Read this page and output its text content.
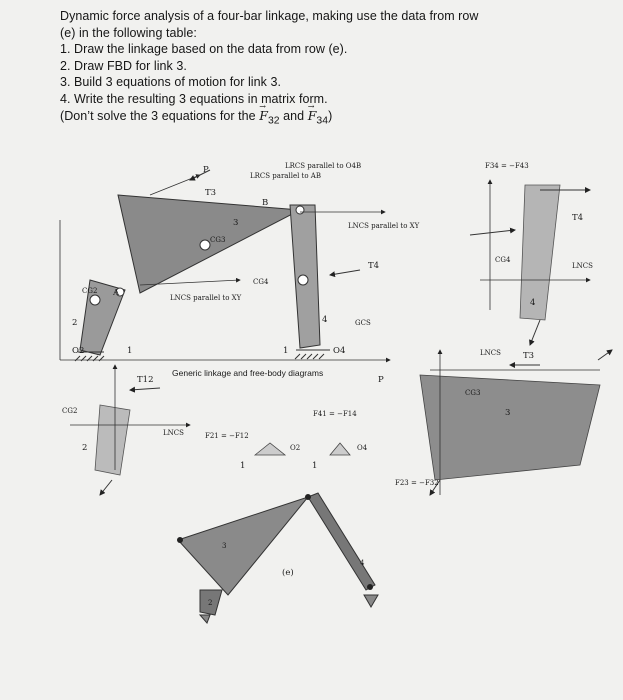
Dynamic force analysis of a four-bar linkage, making use the data from row
(e) in the following table:
1. Draw the linkage based on the data from row (e).
2. Draw FBD for link 3.
3. Build 3 equations of motion for link 3.
4. Write the resulting 3 equations in matrix form.
(Don’t solve the 3 equations for the → $F_{32}$ and → $F_{34}$)
P
T3
T4
B
A
O2	O4
CG3
CG4
CG2
1	1
2
3
4
LRCS parallel to AB
LRCS parallel to O4B
LNCS parallel to XY
LNCS parallel to XY
GCS
F34 = −F43
LNCS
CG4
4
T4
Generic linkage and free-body diagrams
T12
LNCS
CG2
2
F21 = −F12
F41 = −F14
1	1
O2	O4
LNCS	T3
CG3
3
P
F23 = −F32
3
4
2
(e)
